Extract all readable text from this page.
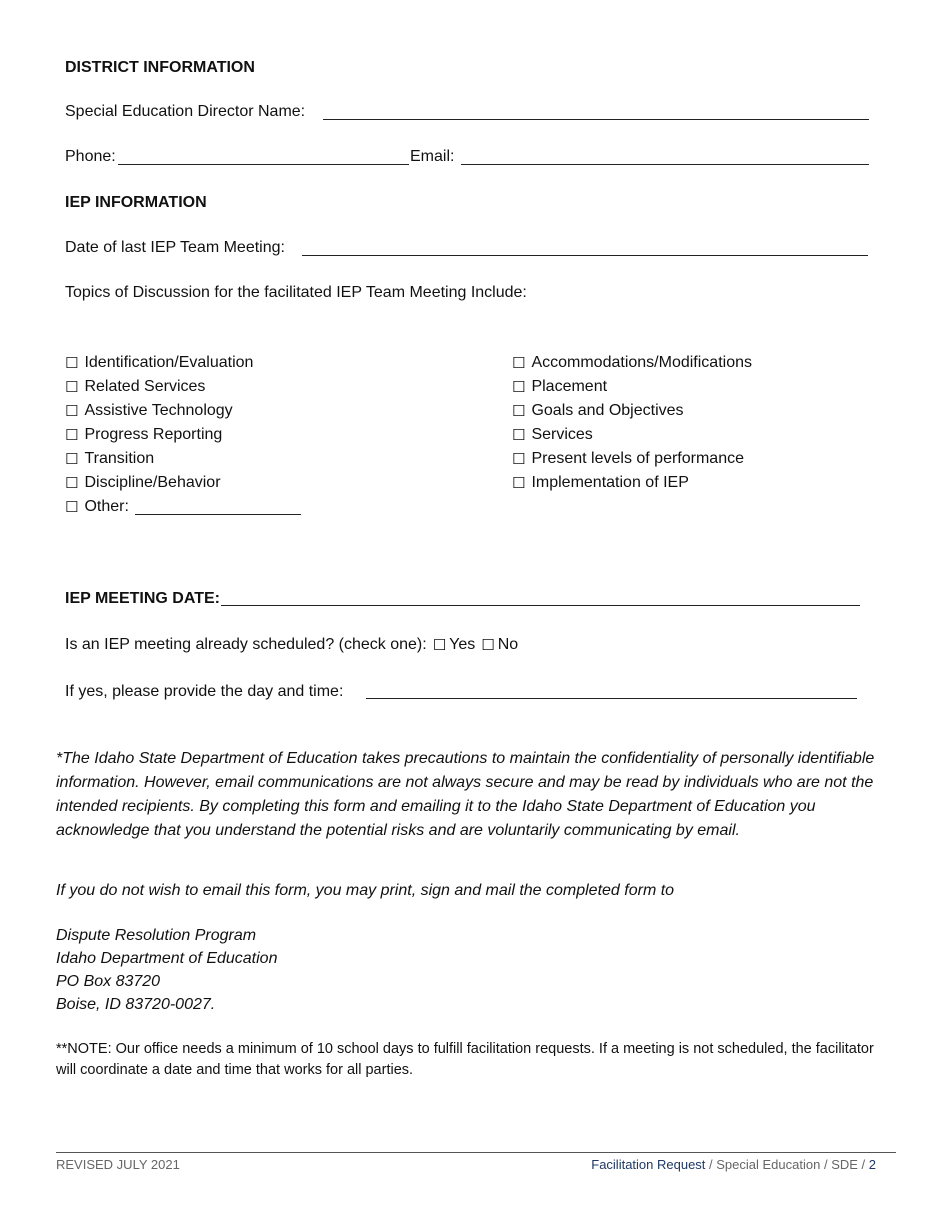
DISTRICT INFORMATION
Special Education Director Name:
Phone:	Email:
IEP INFORMATION
Date of last IEP Team Meeting:
Topics of Discussion for the facilitated IEP Team Meeting Include:
☐ Identification/Evaluation
☐ Related Services
☐ Assistive Technology
☐ Progress Reporting
☐ Transition
☐ Discipline/Behavior
☐ Other:
☐ Accommodations/Modifications
☐ Placement
☐ Goals and Objectives
☐ Services
☐ Present levels of performance
☐ Implementation of IEP
IEP MEETING DATE:
Is an IEP meeting already scheduled? (check one): ☐ Yes ☐ No
If yes, please provide the day and time:
*The Idaho State Department of Education takes precautions to maintain the confidentiality of personally identifiable information. However, email communications are not always secure and may be read by individuals who are not the intended recipients. By completing this form and emailing it to the Idaho State Department of Education you acknowledge that you understand the potential risks and are voluntarily communicating by email.
If you do not wish to email this form, you may print, sign and mail the completed form to
Dispute Resolution Program
Idaho Department of Education
PO Box 83720
Boise, ID 83720-0027.
**NOTE: Our office needs a minimum of 10 school days to fulfill facilitation requests. If a meeting is not scheduled, the facilitator will coordinate a date and time that works for all parties.
REVISED JULY 2021	Facilitation Request / Special Education / SDE / 2
